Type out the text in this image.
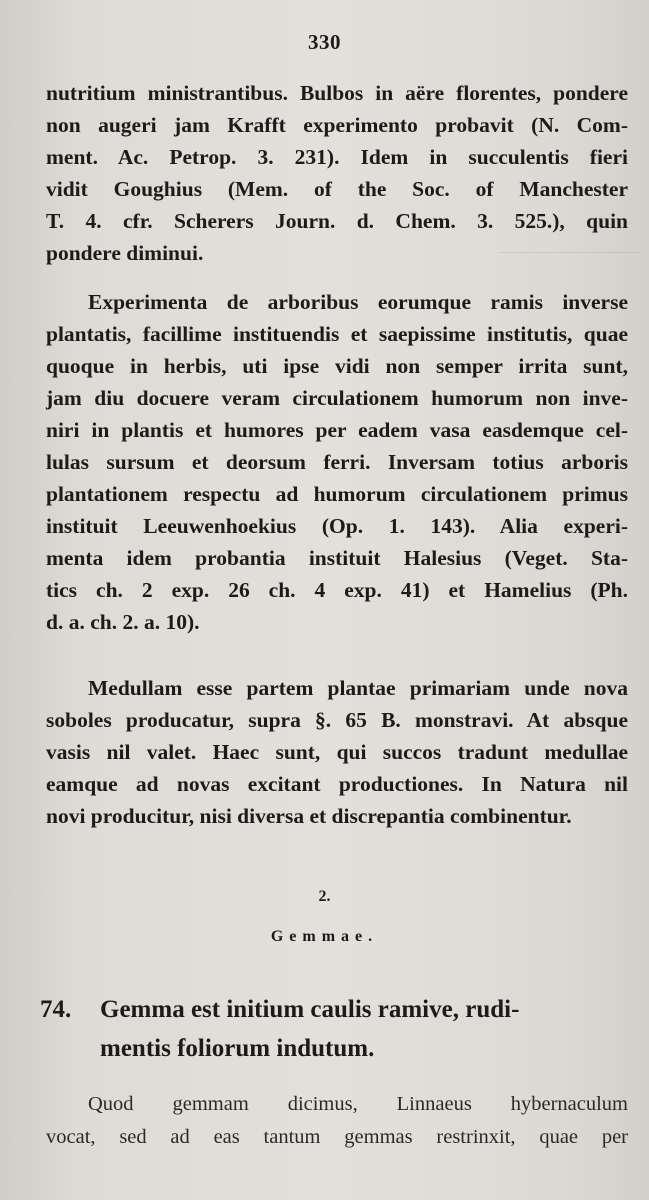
330
nutritium ministrantibus. Bulbos in aëre florentes, pondere
non augeri jam Krafft experimento probavit (N. Com-
ment. Ac. Petrop. 3. 231). Idem in succulentis fieri
vidit Goughius (Mem. of the Soc. of Manchester
T. 4. cfr. Scherers Journ. d. Chem. 3. 525.), quin
pondere diminui.
Experimenta de arboribus eorumque ramis inverse
plantatis, facillime instituendis et saepissime institutis, quae
quoque in herbis, uti ipse vidi non semper irrita sunt,
jam diu docuere veram circulationem humorum non inve-
niri in plantis et humores per eadem vasa easdemque cel-
lulas sursum et deorsum ferri. Inversam totius arboris
plantationem respectu ad humorum circulationem primus
instituit Leeuwenhoekius (Op. 1. 143). Alia experi-
menta idem probantia instituit Halesius (Veget. Sta-
tics ch. 2 exp. 26 ch. 4 exp. 41) et Hamelius (Ph.
d. a. ch. 2. a. 10).
Medullam esse partem plantae primariam unde nova
soboles producatur, supra §. 65 B. monstravi. At absque
vasis nil valet. Haec sunt, qui succos tradunt medullae
eamque ad novas excitant productiones. In Natura nil
novi producitur, nisi diversa et discrepantia combinentur.
2.
Gemmae.
74. Gemma est initium caulis ramive, rudi-
mentis foliorum indutum.
Quod gemmam dicimus, Linnaeus hybernaculum
vocat, sed ad eas tantum gemmas restrinxit, quae per
